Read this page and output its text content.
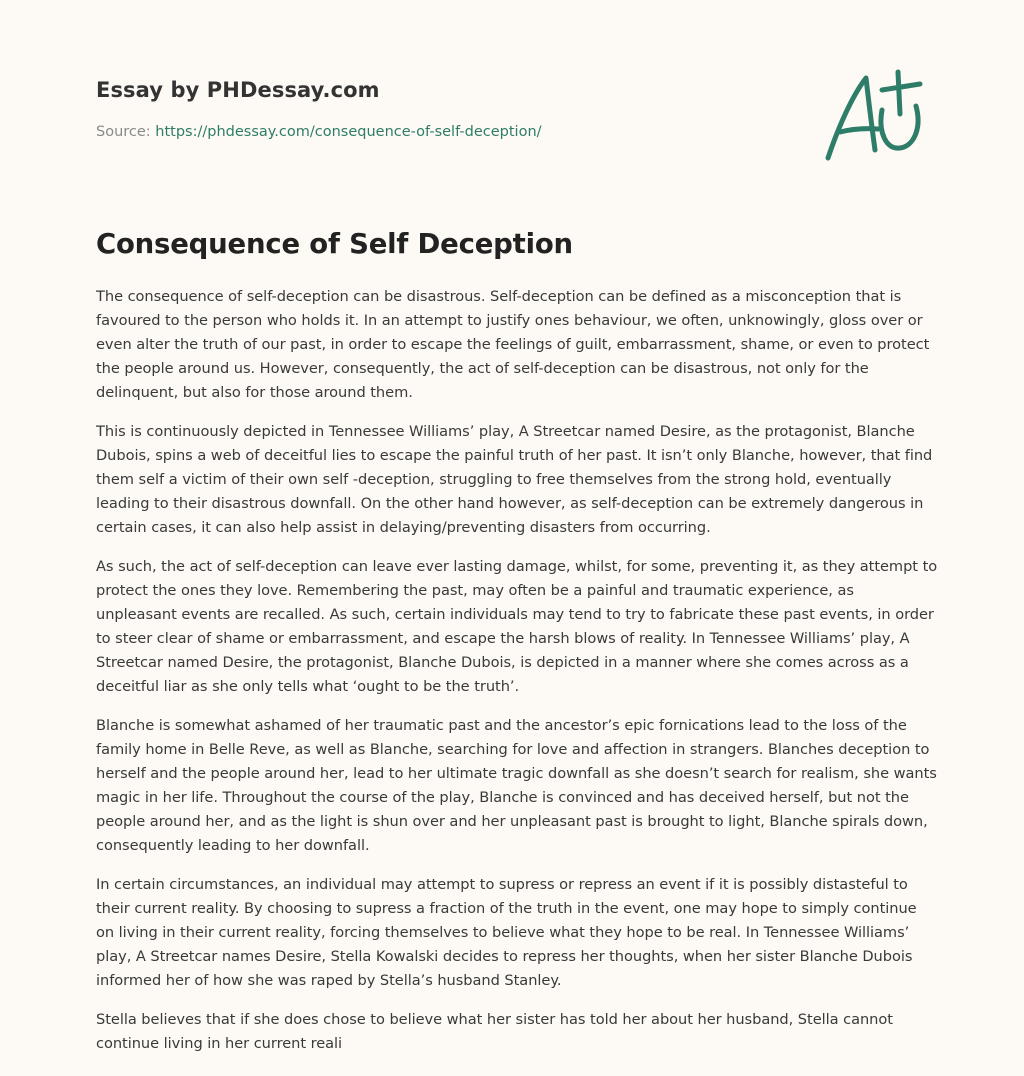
Essay by PHDessay.com
Source: https://phdessay.com/consequence-of-self-deception/
Consequence of Self Deception

The consequence of self-deception can be disastrous. Self-deception can be defined as a misconception that is favoured to the person who holds it. In an attempt to justify ones behaviour, we often, unknowingly, gloss over or even alter the truth of our past, in order to escape the feelings of guilt, embarrassment, shame, or even to protect the people around us. However, consequently, the act of self-deception can be disastrous, not only for the delinquent, but also for those around them.

This is continuously depicted in Tennessee Williams’ play, A Streetcar named Desire, as the protagonist, Blanche Dubois, spins a web of deceitful lies to escape the painful truth of her past. It isn’t only Blanche, however, that find them self a victim of their own self -deception, struggling to free themselves from the strong hold, eventually leading to their disastrous downfall. On the other hand however, as self-deception can be extremely dangerous in certain cases, it can also help assist in delaying/preventing disasters from occurring.

As such, the act of self-deception can leave ever lasting damage, whilst, for some, preventing it, as they attempt to protect the ones they love. Remembering the past, may often be a painful and traumatic experience, as unpleasant events are recalled. As such, certain individuals may tend to try to fabricate these past events, in order to steer clear of shame or embarrassment, and escape the harsh blows of reality. In Tennessee Williams’ play, A Streetcar named Desire, the protagonist, Blanche Dubois, is depicted in a manner where she comes across as a deceitful liar as she only tells what ‘ought to be the truth’.

Blanche is somewhat ashamed of her traumatic past and the ancestor’s epic fornications lead to the loss of the family home in Belle Reve, as well as Blanche, searching for love and affection in strangers. Blanches deception to herself and the people around her, lead to her ultimate tragic downfall as she doesn’t search for realism, she wants magic in her life. Throughout the course of the play, Blanche is convinced and has deceived herself, but not the people around her, and as the light is shun over and her unpleasant past is brought to light, Blanche spirals down, consequently leading to her downfall.

In certain circumstances, an individual may attempt to supress or repress an event if it is possibly distasteful to their current reality. By choosing to supress a fraction of the truth in the event, one may hope to simply continue on living in their current reality, forcing themselves to believe what they hope to be real. In Tennessee Williams’ play, A Streetcar names Desire, Stella Kowalski decides to repress her thoughts, when her sister Blanche Dubois informed her of how she was raped by Stella’s husband Stanley.

Stella believes that if she does chose to believe what her sister has told her about her husband, Stella cannot continue living in her current reali
